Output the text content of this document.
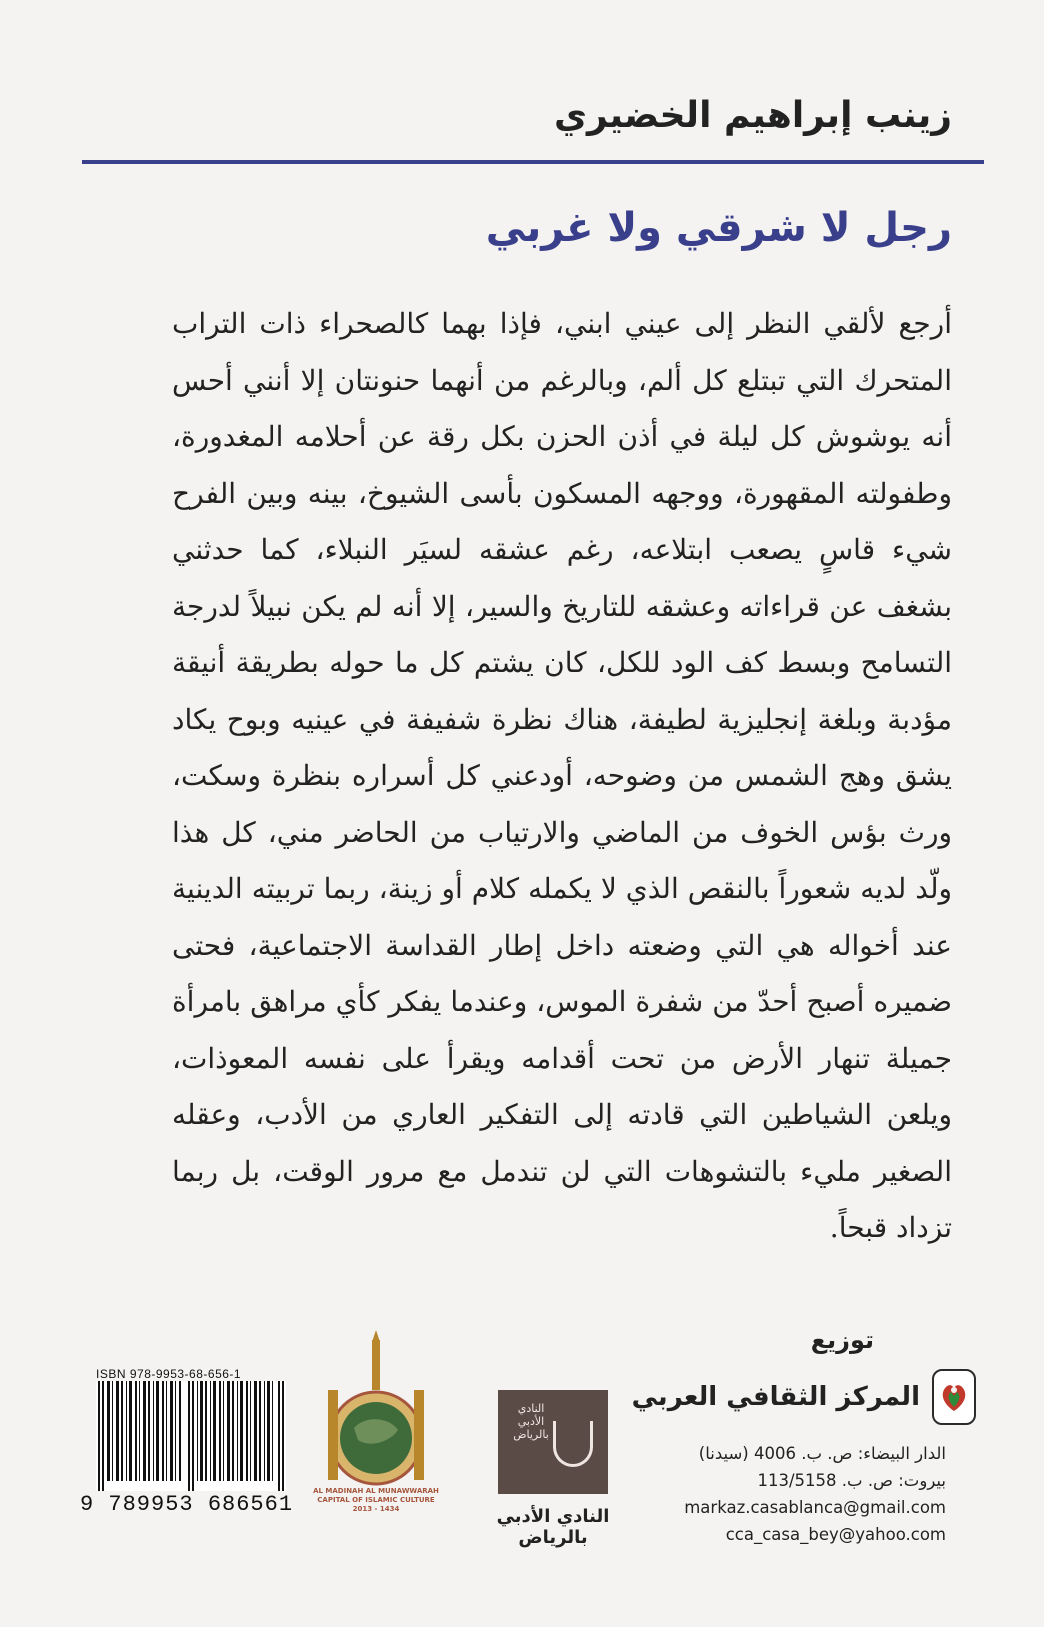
زينب إبراهيم الخضيري
رجل لا شرقي ولا غربي

أرجع لألقي النظر إلى عيني ابني، فإذا بهما كالصحراء ذات التراب المتحرك التي تبتلع كل ألم، وبالرغم من أنهما حنونتان إلا أنني أحس أنه يوشوش كل ليلة في أذن الحزن بكل رقة عن أحلامه المغدورة، وطفولته المقهورة، ووجهه المسكون بأسى الشيوخ، بينه وبين الفرح شيء قاسٍ يصعب ابتلاعه، رغم عشقه لسيَر النبلاء، كما حدثني بشغف عن قراءاته وعشقه للتاريخ والسير، إلا أنه لم يكن نبيلاً لدرجة التسامح وبسط كف الود للكل، كان يشتم كل ما حوله بطريقة أنيقة مؤدبة وبلغة إنجليزية لطيفة، هناك نظرة شفيفة في عينيه وبوح يكاد يشق وهج الشمس من وضوحه، أودعني كل أسراره بنظرة وسكت، ورث بؤس الخوف من الماضي والارتياب من الحاضر مني، كل هذا ولّد لديه شعوراً بالنقص الذي لا يكمله كلام أو زينة، ربما تربيته الدينية عند أخواله هي التي وضعته داخل إطار القداسة الاجتماعية، فحتى ضميره أصبح أحدّ من شفرة الموس، وعندما يفكر كأي مراهق بامرأة جميلة تنهار الأرض من تحت أقدامه ويقرأ على نفسه المعوذات، ويلعن الشياطين التي قادته إلى التفكير العاري من الأدب، وعقله الصغير مليء بالتشوهات التي لن تندمل مع مرور الوقت، بل ربما تزداد قبحاً.

توزيع
المركز الثقافي العربي
الدار البيضاء: ص. ب. 4006 (سيدنا)
بيروت: ص. ب. 113/5158
markaz.casablanca@gmail.com
cca_casa_bey@yahoo.com
النادي الأدبي بالرياض
النادي الأدبي بالرياض
AL MADINAH AL MUNAWWARAH
CAPITAL OF ISLAMIC CULTURE
2013 - 1434
ISBN 978-9953-68-656-1
9 789953 686561
